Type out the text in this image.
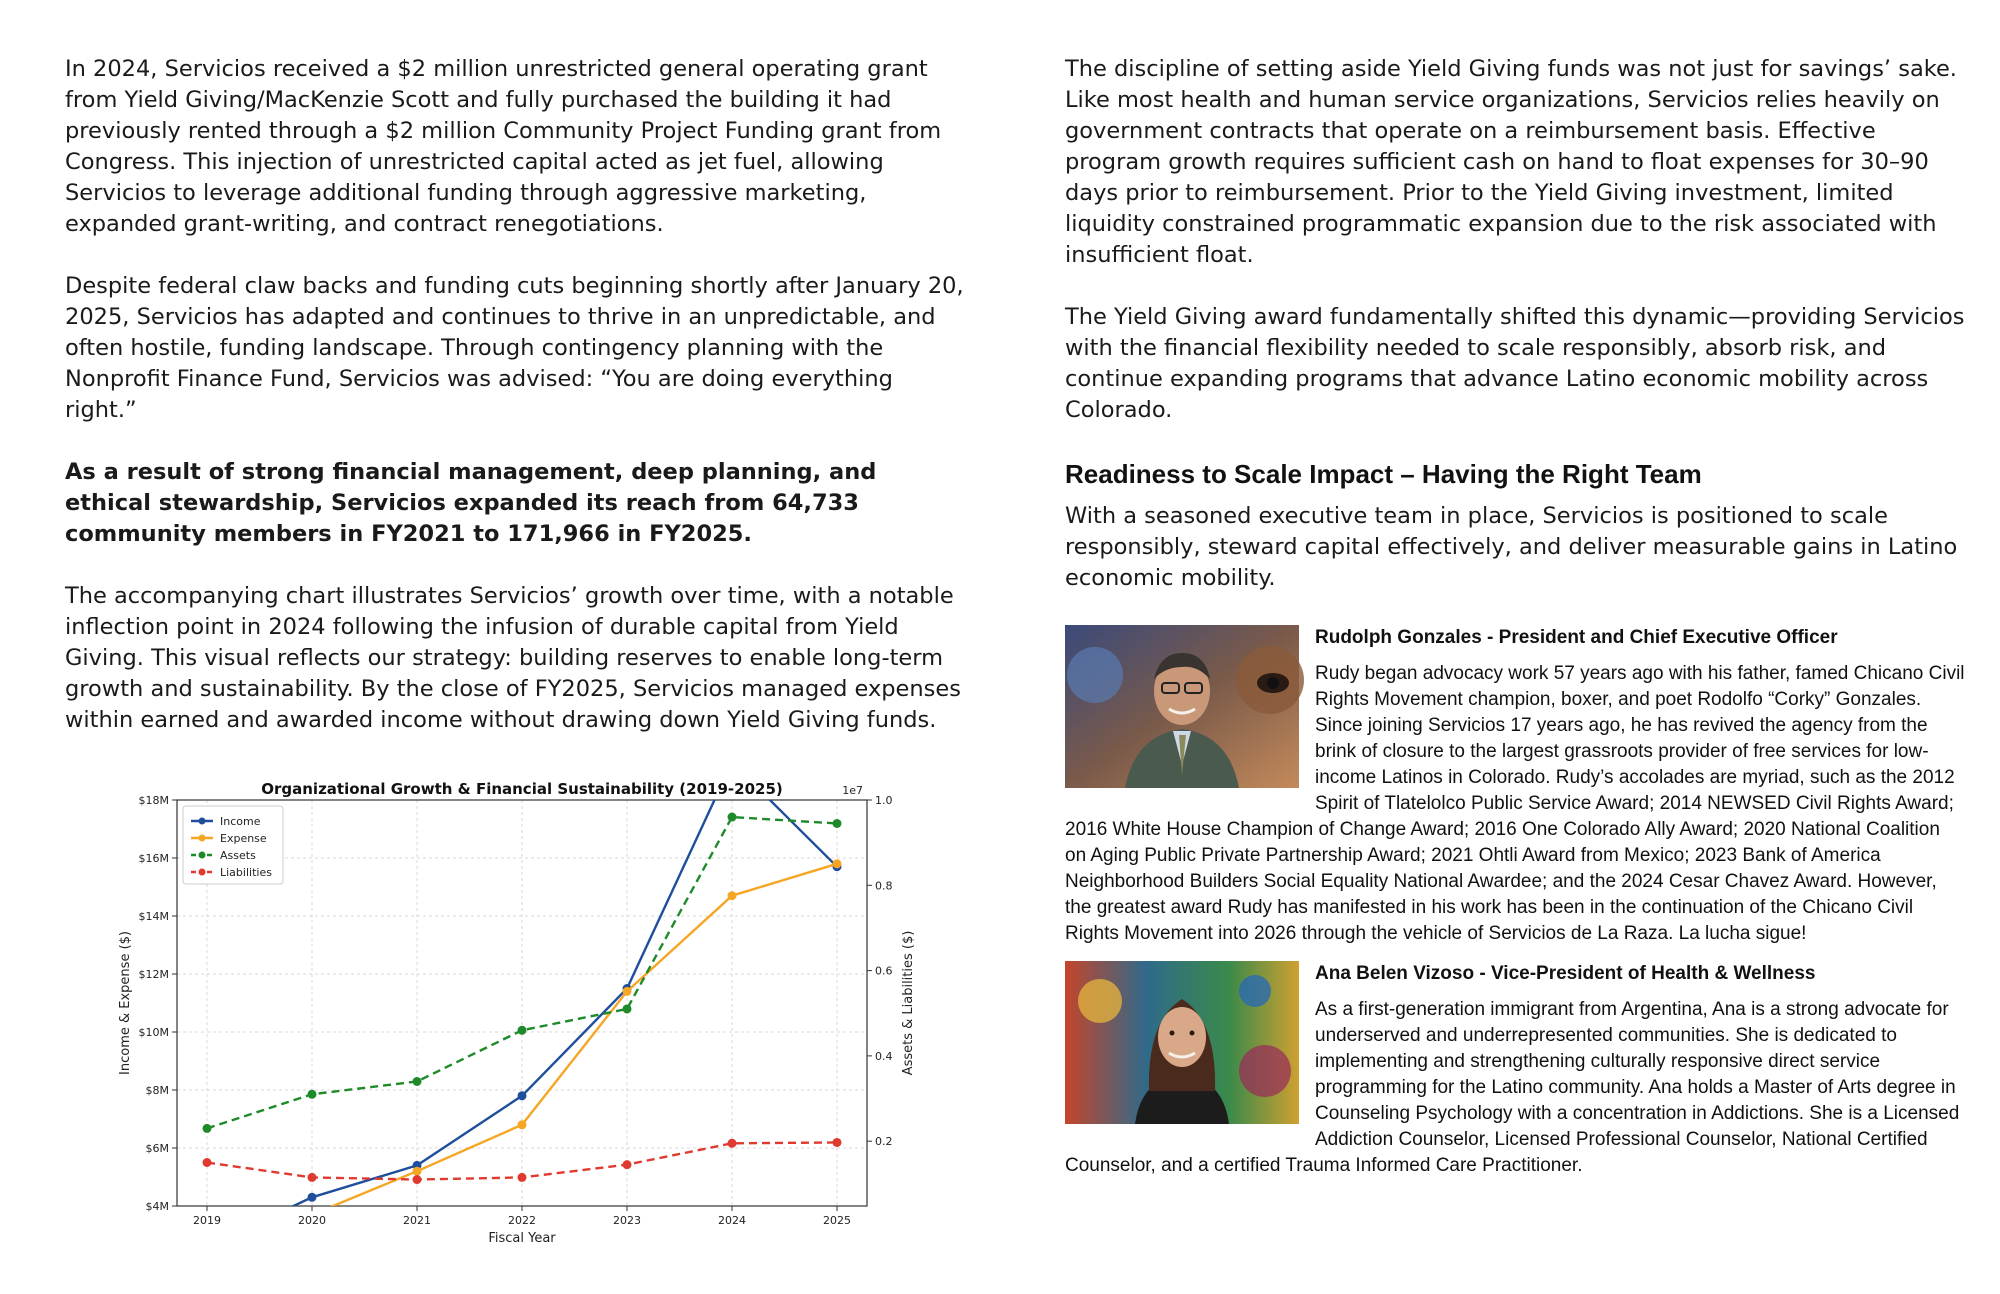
In 2024, Servicios received a $2 million unrestricted general operating grant from Yield Giving/MacKenzie Scott and fully purchased the building it had previously rented through a $2 million Community Project Funding grant from Congress. This injection of unrestricted capital acted as jet fuel, allowing Servicios to leverage additional funding through aggressive marketing, expanded grant-writing, and contract renegotiations.

Despite federal claw backs and funding cuts beginning shortly after January 20, 2025, Servicios has adapted and continues to thrive in an unpredictable, and often hostile, funding landscape. Through contingency planning with the Nonprofit Finance Fund, Servicios was advised: “You are doing everything right.”

As a result of strong financial management, deep planning, and ethical stewardship, Servicios expanded its reach from 64,733 community members in FY2021 to 171,966 in FY2025.

The accompanying chart illustrates Servicios’ growth over time, with a notable inflection point in 2024 following the infusion of durable capital from Yield Giving. This visual reflects our strategy: building reserves to enable long-term growth and sustainability. By the close of FY2025, Servicios managed expenses within earned and awarded income without drawing down Yield Giving funds.

$4M
$6M
$8M
$10M
$12M
$14M
$16M
$18M
0.2
0.4
0.6
0.8
1.0
1e7
2019	2020	2021	2022	2023	2024	2025
Organizational Growth & Financial Sustainability (2019-2025)
Fiscal Year
Income & Expense ($)	Assets & Liabilities ($)
Income
Expense
Assets
Liabilities

The discipline of setting aside Yield Giving funds was not just for savings’ sake. Like most health and human service organizations, Servicios relies heavily on government contracts that operate on a reimbursement basis. Effective program growth requires sufficient cash on hand to float expenses for 30–90 days prior to reimbursement. Prior to the Yield Giving investment, limited liquidity constrained programmatic expansion due to the risk associated with insufficient float.

The Yield Giving award fundamentally shifted this dynamic—providing Servicios with the financial flexibility needed to scale responsibly, absorb risk, and continue expanding programs that advance Latino economic mobility across Colorado.

Readiness to Scale Impact – Having the Right Team

With a seasoned executive team in place, Servicios is positioned to scale responsibly, steward capital effectively, and deliver measurable gains in Latino economic mobility.

Rudolph Gonzales - President and Chief Executive Officer
Rudy began advocacy work 57 years ago with his father, famed Chicano Civil Rights Movement champion, boxer, and poet Rodolfo “Corky” Gonzales. Since joining Servicios 17 years ago, he has revived the agency from the brink of closure to the largest grassroots provider of free services for low-income Latinos in Colorado. Rudy’s accolades are myriad, such as the 2012 Spirit of Tlatelolco Public Service Award; 2014 NEWSED Civil Rights Award; 2016 White House Champion of Change Award; 2016 One Colorado Ally Award; 2020 National Coalition on Aging Public Private Partnership Award; 2021 Ohtli Award from Mexico; 2023 Bank of America Neighborhood Builders Social Equality National Awardee; and the 2024 Cesar Chavez Award. However, the greatest award Rudy has manifested in his work has been in the continuation of the Chicano Civil Rights Movement into 2026 through the vehicle of Servicios de La Raza. La lucha sigue!
Ana Belen Vizoso - Vice-President of Health & Wellness
As a first-generation immigrant from Argentina, Ana is a strong advocate for underserved and underrepresented communities. She is dedicated to implementing and strengthening culturally responsive direct service programming for the Latino community. Ana holds a Master of Arts degree in Counseling Psychology with a concentration in Addictions. She is a Licensed Addiction Counselor, Licensed Professional Counselor, National Certified Counselor, and a certified Trauma Informed Care Practitioner.
